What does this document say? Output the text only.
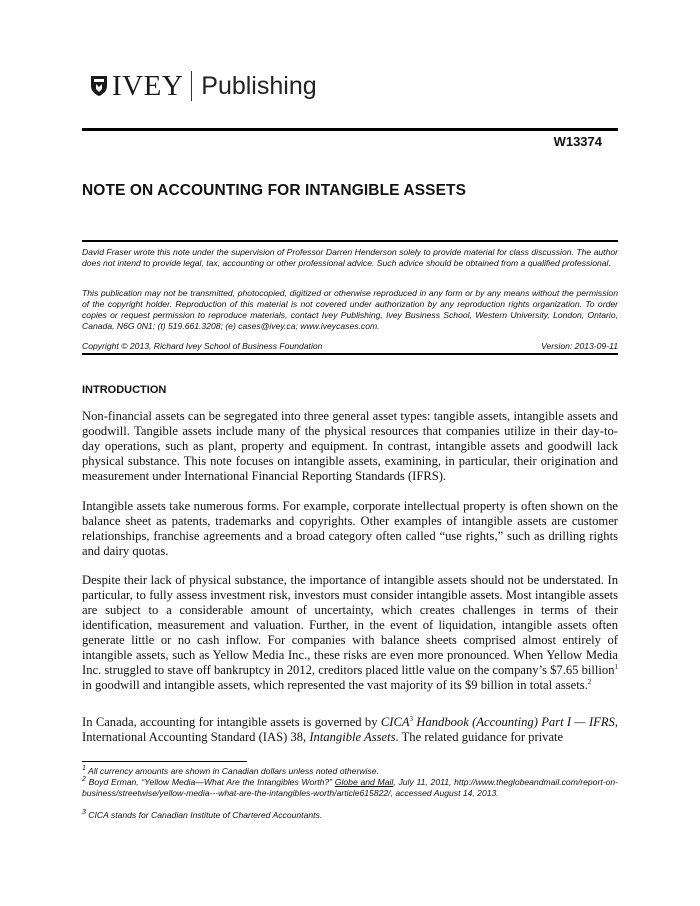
IVEY Publishing
W13374
NOTE ON ACCOUNTING FOR INTANGIBLE ASSETS

David Fraser wrote this note under the supervision of Professor Darren Henderson solely to provide material for class discussion. The author does not intend to provide legal, tax, accounting or other professional advice. Such advice should be obtained from a qualified professional.

This publication may not be transmitted, photocopied, digitized or otherwise reproduced in any form or by any means without the permission of the copyright holder. Reproduction of this material is not covered under authorization by any reproduction rights organization. To order copies or request permission to reproduce materials, contact Ivey Publishing, Ivey Business School, Western University, London, Ontario, Canada, N6G 0N1; (t) 519.661.3208; (e) cases@ivey.ca; www.iveycases.com.

Copyright © 2013, Richard Ivey School of Business Foundation	Version: 2013-09-11
INTRODUCTION

Non-financial assets can be segregated into three general asset types: tangible assets, intangible assets and goodwill. Tangible assets include many of the physical resources that companies utilize in their day-to-day operations, such as plant, property and equipment. In contrast, intangible assets and goodwill lack physical substance. This note focuses on intangible assets, examining, in particular, their origination and measurement under International Financial Reporting Standards (IFRS).

Intangible assets take numerous forms. For example, corporate intellectual property is often shown on the balance sheet as patents, trademarks and copyrights. Other examples of intangible assets are customer relationships, franchise agreements and a broad category often called “use rights,” such as drilling rights and dairy quotas.

Despite their lack of physical substance, the importance of intangible assets should not be understated. In particular, to fully assess investment risk, investors must consider intangible assets. Most intangible assets are subject to a considerable amount of uncertainty, which creates challenges in terms of their identification, measurement and valuation. Further, in the event of liquidation, intangible assets often generate little or no cash inflow. For companies with balance sheets comprised almost entirely of intangible assets, such as Yellow Media Inc., these risks are even more pronounced. When Yellow Media Inc. struggled to stave off bankruptcy in 2012, creditors placed little value on the company’s $7.65 billion$^1$ in goodwill and intangible assets, which represented the vast majority of its $9 billion in total assets.$^2$

In Canada, accounting for intangible assets is governed by CICA$^3$ Handbook (Accounting) Part I — IFRS, International Accounting Standard (IAS) 38, Intangible Assets. The related guidance for private

$^1$ All currency amounts are shown in Canadian dollars unless noted otherwise.

$^2$ Boyd Erman, “Yellow Media—What Are the Intangibles Worth?” Globe and Mail, July 11, 2011, http://www.theglobeandmail.com/report-on-business/streetwise/yellow-media---what-are-the-intangibles-worth/article615822/, accessed August 14, 2013.

$^3$ CICA stands for Canadian Institute of Chartered Accountants.
